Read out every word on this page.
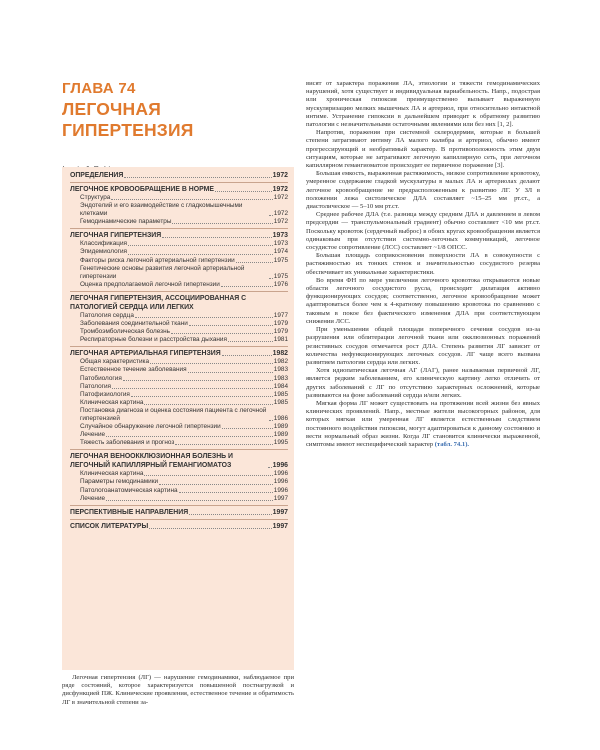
ГЛАВА 74
ЛЕГОЧНАЯ ГИПЕРТЕНЗИЯ
ОПРЕДЕЛЕНИЯ	1972
ЛЕГОЧНОЕ КРОВООБРАЩЕНИЕ В НОРМЕ	1972
Структура	1972
Эндотелий и его взаимодействие с гладкомышечными клетками	1972
Гемодинамические параметры	1972
ЛЕГОЧНАЯ ГИПЕРТЕНЗИЯ	1973
Классификация	1973
Эпидемиология	1974
Факторы риска легочной артериальной гипертензии	1975
Генетические основы развития легочной артериальной гипертензии	1975
Оценка предполагаемой легочной гипертензии	1976
ЛЕГОЧНАЯ ГИПЕРТЕНЗИЯ, АССОЦИИРОВАННАЯ С ПАТОЛОГИЕЙ СЕРДЦА ИЛИ ЛЕГКИХ
Патология сердца	1977
Заболевания соединительной ткани	1979
Тромбоэмболическая болезнь	1979
Респираторные болезни и расстройства дыхания	1981
ЛЕГОЧНАЯ АРТЕРИАЛЬНАЯ ГИПЕРТЕНЗИЯ	1982
Общая характеристика	1982
Естественное течение заболевания	1983
Патобиология	1983
Патология	1984
Патофизиология	1985
Клиническая картина	1985
Постановка диагноза и оценка состояния пациента с легочной гипертензией	1986
Случайное обнаружение легочной гипертензии	1989
Лечение	1989
Тяжесть заболевания и прогноз	1995
ЛЕГОЧНАЯ ВЕНООККЛЮЗИОННАЯ БОЛЕЗНЬ И ЛЕГОЧНЫЙ КАПИЛЛЯРНЫЙ ГЕМАНГИОМАТОЗ	1996
Клиническая картина	1996
Параметры гемодинамики	1996
Патологоанатомическая картина	1996
Лечение	1997
ПЕРСПЕКТИВНЫЕ НАПРАВЛЕНИЯ	1997
СПИСОК ЛИТЕРАТУРЫ	1997

Легочная гипертензия (ЛГ) — нарушение гемодинамики, наблюдаемое при ряде состояний, которое характеризуется повышенной постнагрузкой и дисфункцией ПЖ. Клинические проявления, естественное течение и обратимость ЛГ в значительной степени за-

висят от характера поражения ЛА, этиологии и тяжести гемодинамических нарушений, хотя существует и индивидуальная вариабельность. Напр., подострая или хроническая гипоксия преимущественно вызывает выраженную мускуляризацию мелких мышечных ЛА и артериол, при относительно интактной интиме. Устранение гипоксии в дальнейшем приводит к обратному развитию патологии с незначительными остаточными явлениями или без них [1, 2].

Напротив, поражения при системной склеродермии, которые в большей степени затрагивают интиму ЛА малого калибра и артериол, обычно имеют прогрессирующий и необратимый характер. В противоположность этим двум ситуациям, которые не затрагивают легочную капиллярную сеть, при легочном капиллярном гемангиоматозе происходит ее первичное поражение [3].

Большая емкость, выраженная растяжимость, низкое сопротивление кровотоку, умеренное содержание гладкой мускулатуры в малых ЛА и артериолах делают легочное кровообращение не предрасположенным к развитию ЛГ. У ЗЛ в положении лежа систолическое ДЛА составляет ~15–25 мм рт.ст., а диастолическое — 5–10 мм рт.ст.

Среднее рабочее ДЛА (т.е. разница между средним ДЛА и давлением в левом предсердии — транспульмональный градиент) обычно составляет <10 мм рт.ст. Поскольку кровоток (сердечный выброс) в обоих кругах кровообращения является одинаковым при отсутствии системно-легочных коммуникаций, легочное сосудистое сопротивление (ЛСС) составляет ~1/8 ОПСС.

Большая площадь соприкосновения поверхности ЛА в совокупности с растяжимостью их тонких стенок и значительностью сосудистого резерва обеспечивает их уникальные характеристики.

Во время ФН по мере увеличения легочного кровотока открываются новые области легочного сосудистого русла, происходит дилатация активно функционирующих сосудов; соответственно, легочное кровообращение может адаптироваться более чем к 4-кратному повышению кровотока по сравнению с таковым в покое без фактического изменения ДЛА при соответствующем снижении ЛСС.

При уменьшении общей площади поперечного сечения сосудов из-за разрушения или облитерации легочной ткани или окклюзионных поражений резистивных сосудов отмечается рост ДЛА. Степень развития ЛГ зависит от количества нефункционирующих легочных сосудов. ЛГ чаще всего вызвана развитием патологии сердца или легких.

Хотя идиопатическая легочная АГ (ЛАГ), ранее называемая первичной ЛГ, является редким заболеванием, его клиническую картину легко отличить от других заболеваний с ЛГ по отсутствию характерных осложнений, которые развиваются на фоне заболеваний сердца и/или легких.

Мягкая форма ЛГ может существовать на протяжении всей жизни без явных клинических проявлений. Напр., местные жители высокогорных районов, для которых мягкая или умеренная ЛГ является естественным следствием постоянного воздействия гипоксии, могут адаптироваться к данному состоянию и вести нормальный образ жизни. Когда ЛГ становится клинически выраженной, симптомы имеют неспецифический характер (табл. 74.1).
